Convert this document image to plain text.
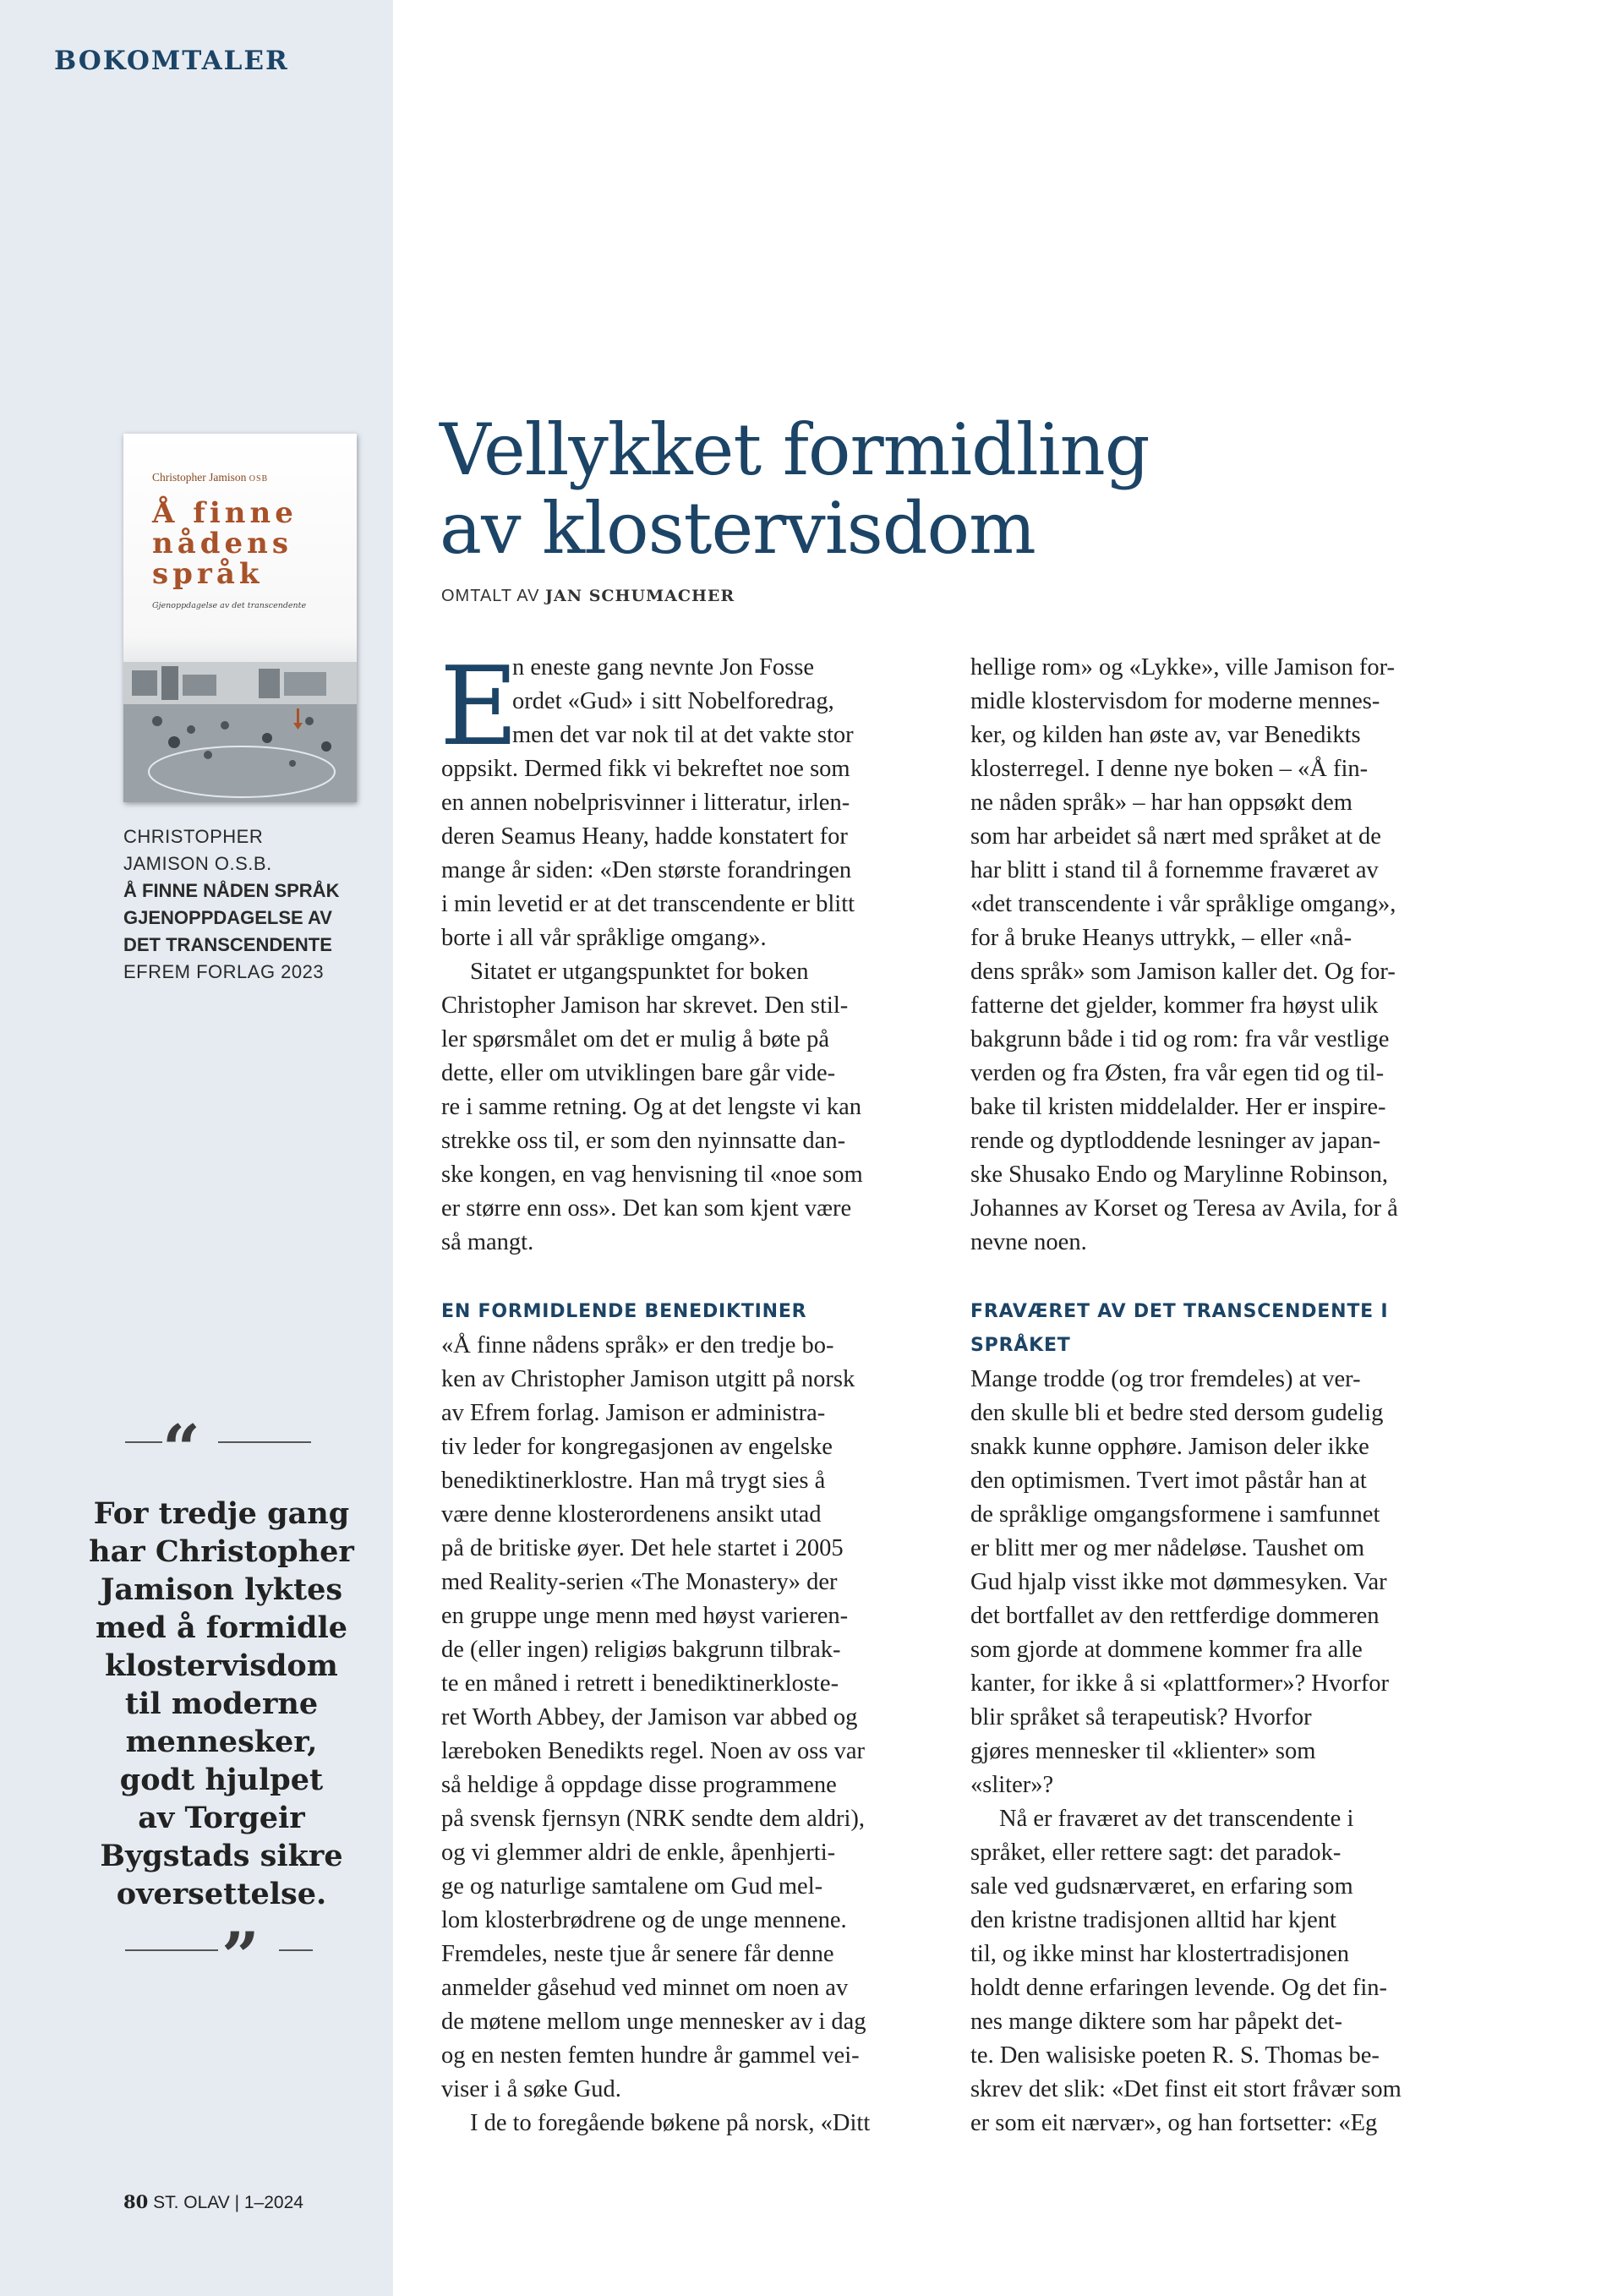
BOKOMTALER
Christopher Jamison OSB
Å finne
nådens
språk
Gjenoppdagelse av det transcendente
CHRISTOPHER
JAMISON O.S.B.
Å FINNE NÅDEN SPRÅK
GJENOPPDAGELSE AV
DET TRANSCENDENTE
EFREM FORLAG 2023
“
For tredje gang
har Christopher
Jamison lyktes
med å formidle
klostervisdom
til moderne
mennesker,
godt hjulpet
av Torgeir
Bygstads sikre
oversettelse.
”
80 ST. OLAV | 1–2024
Vellykket formidling
av klostervisdom
OMTALT AV JAN SCHUMACHER
E
n eneste gang nevnte Jon Fosse
ordet «Gud» i sitt Nobelforedrag,
men det var nok til at det vakte stor
oppsikt. Dermed fikk vi bekreftet noe som
en annen nobelprisvinner i litteratur, irlen-
deren Seamus Heany, hadde konstatert for
mange år siden: «Den største forandringen
i min levetid er at det transcendente er blitt
borte i all vår språklige omgang».
Sitatet er utgangspunktet for boken
Christopher Jamison har skrevet. Den stil-
ler spørsmålet om det er mulig å bøte på
dette, eller om utviklingen bare går vide-
re i samme retning. Og at det lengste vi kan
strekke oss til, er som den nyinnsatte dan-
ske kongen, en vag henvisning til «noe som
er større enn oss». Det kan som kjent være
så mangt.
EN FORMIDLENDE BENEDIKTINER
«Å finne nådens språk» er den tredje bo-
ken av Christopher Jamison utgitt på norsk
av Efrem forlag. Jamison er administra-
tiv leder for kongregasjonen av engelske
benediktinerklostre. Han må trygt sies å
være denne klosterordenens ansikt utad
på de britiske øyer. Det hele startet i 2005
med Reality-serien «The Monastery» der
en gruppe unge menn med høyst varieren-
de (eller ingen) religiøs bakgrunn tilbrak-
te en måned i retrett i benediktinerkloste-
ret Worth Abbey, der Jamison var abbed og
læreboken Benedikts regel. Noen av oss var
så heldige å oppdage disse programmene
på svensk fjernsyn (NRK sendte dem aldri),
og vi glemmer aldri de enkle, åpenhjerti-
ge og naturlige samtalene om Gud mel-
lom klosterbrødrene og de unge mennene.
Fremdeles, neste tjue år senere får denne
anmelder gåsehud ved minnet om noen av
de møtene mellom unge mennesker av i dag
og en nesten femten hundre år gammel vei-
viser i å søke Gud.
I de to foregående bøkene på norsk, «Ditt
hellige rom» og «Lykke», ville Jamison for-
midle klostervisdom for moderne mennes-
ker, og kilden han øste av, var Benedikts
klosterregel. I denne nye boken – «Å fin-
ne nåden språk» – har han oppsøkt dem
som har arbeidet så nært med språket at de
har blitt i stand til å fornemme fraværet av
«det transcendente i vår språklige omgang»,
for å bruke Heanys uttrykk, – eller «nå-
dens språk» som Jamison kaller det. Og for-
fatterne det gjelder, kommer fra høyst ulik
bakgrunn både i tid og rom: fra vår vestlige
verden og fra Østen, fra vår egen tid og til-
bake til kristen middelalder. Her er inspire-
rende og dyptloddende lesninger av japan-
ske Shusako Endo og Marylinne Robinson,
Johannes av Korset og Teresa av Avila, for å
nevne noen.
FRAVÆRET AV DET TRANSCENDENTE I
SPRÅKET
Mange trodde (og tror fremdeles) at ver-
den skulle bli et bedre sted dersom gudelig
snakk kunne opphøre. Jamison deler ikke
den optimismen. Tvert imot påstår han at
de språklige omgangsformene i samfunnet
er blitt mer og mer nådeløse. Taushet om
Gud hjalp visst ikke mot dømmesyken. Var
det bortfallet av den rettferdige dommeren
som gjorde at dommene kommer fra alle
kanter, for ikke å si «plattformer»? Hvorfor
blir språket så terapeutisk? Hvorfor
gjøres mennesker til «klienter» som
«sliter»?
Nå er fraværet av det transcendente i
språket, eller rettere sagt: det paradok-
sale ved gudsnærværet, en erfaring som
den kristne tradisjonen alltid har kjent
til, og ikke minst har klostertradisjonen
holdt denne erfaringen levende. Og det fin-
nes mange diktere som har påpekt det-
te. Den walisiske poeten R. S. Thomas be-
skrev det slik: «Det finst eit stort fråvær som
er som eit nærvær», og han fortsetter: «Eg
